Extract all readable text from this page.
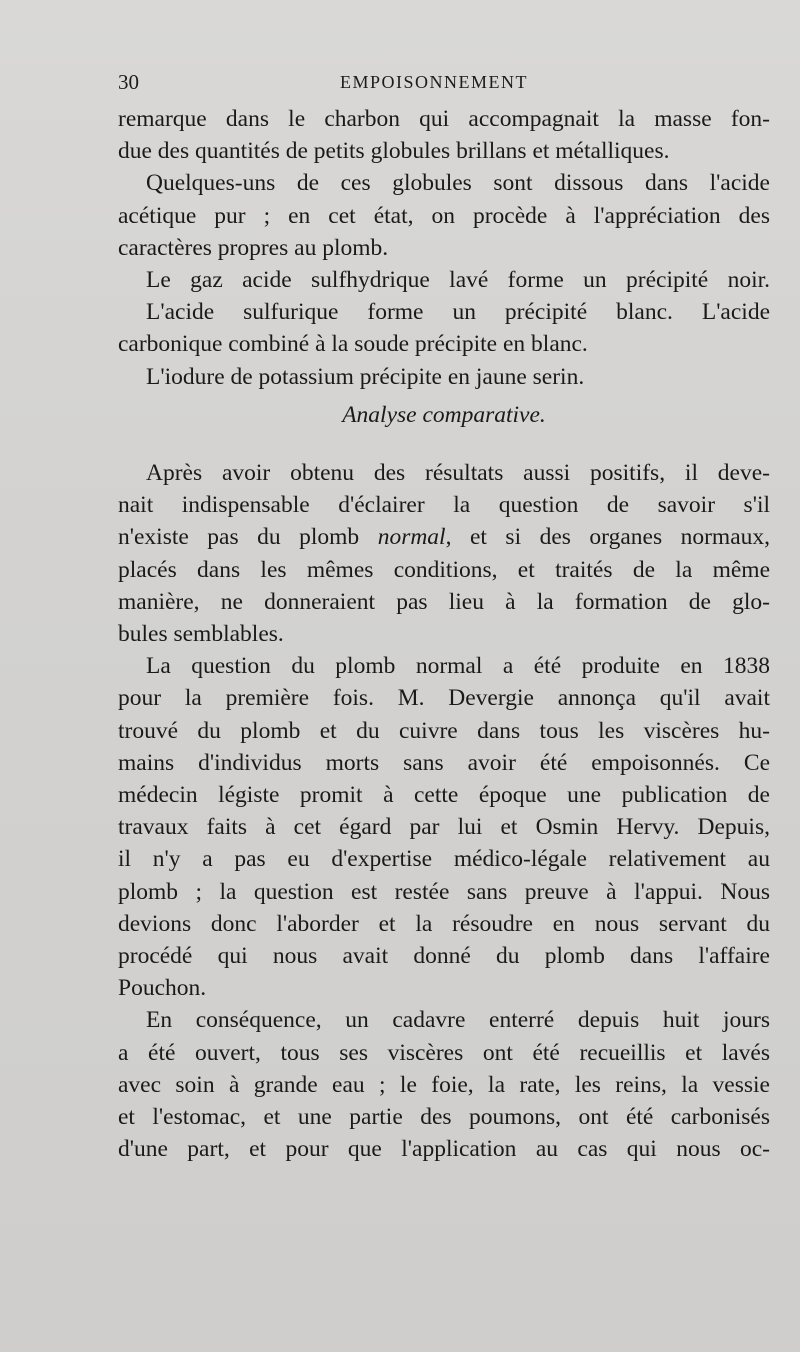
30	EMPOISONNEMENT

remarque dans le charbon qui accompagnait la masse fon-

due des quantités de petits globules brillans et métalliques.

Quelques-uns de ces globules sont dissous dans l'acide

acétique pur ; en cet état, on procède à l'appréciation des

caractères propres au plomb.

Le gaz acide sulfhydrique lavé forme un précipité noir.

L'acide sulfurique forme un précipité blanc. L'acide

carbonique combiné à la soude précipite en blanc.

L'iodure de potassium précipite en jaune serin.

Analyse comparative.

Après avoir obtenu des résultats aussi positifs, il deve-

nait indispensable d'éclairer la question de savoir s'il

n'existe pas du plomb normal, et si des organes normaux,

placés dans les mêmes conditions, et traités de la même

manière, ne donneraient pas lieu à la formation de glo-

bules semblables.

La question du plomb normal a été produite en 1838

pour la première fois. M. Devergie annonça qu'il avait

trouvé du plomb et du cuivre dans tous les viscères hu-

mains d'individus morts sans avoir été empoisonnés. Ce

médecin légiste promit à cette époque une publication de

travaux faits à cet égard par lui et Osmin Hervy. Depuis,

il n'y a pas eu d'expertise médico-légale relativement au

plomb ; la question est restée sans preuve à l'appui. Nous

devions donc l'aborder et la résoudre en nous servant du

procédé qui nous avait donné du plomb dans l'affaire

Pouchon.

En conséquence, un cadavre enterré depuis huit jours

a été ouvert, tous ses viscères ont été recueillis et lavés

avec soin à grande eau ; le foie, la rate, les reins, la vessie

et l'estomac, et une partie des poumons, ont été carbonisés

d'une part, et pour que l'application au cas qui nous oc-
